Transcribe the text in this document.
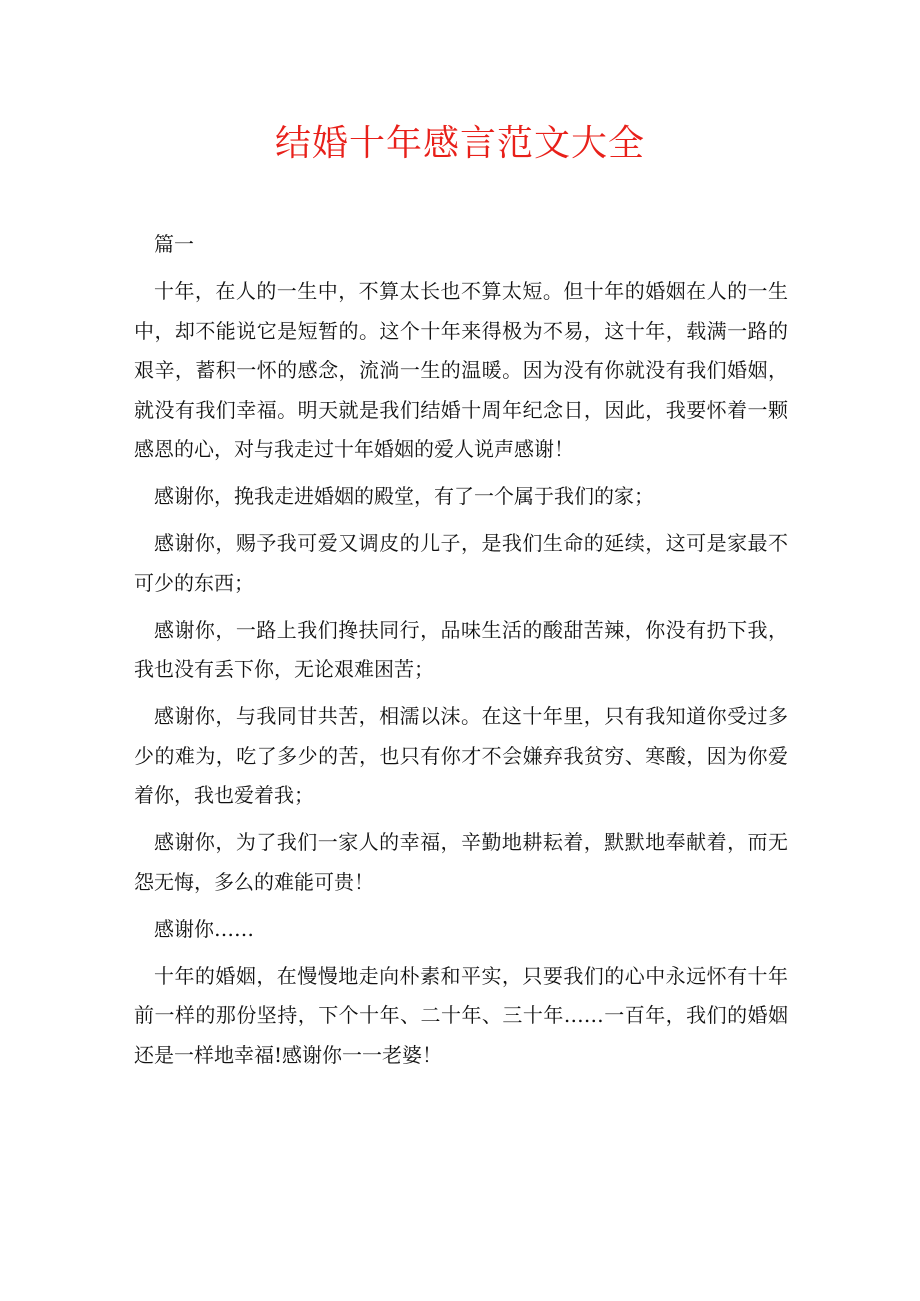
结婚十年感言范文大全

篇一

十年，在人的一生中，不算太长也不算太短。但十年的婚姻在人的一生中，却不能说它是短暂的。这个十年来得极为不易，这十年，载满一路的艰辛，蓄积一怀的感念，流淌一生的温暖。因为没有你就没有我们婚姻，就没有我们幸福。明天就是我们结婚十周年纪念日，因此，我要怀着一颗感恩的心，对与我走过十年婚姻的爱人说声感谢！

感谢你，挽我走进婚姻的殿堂，有了一个属于我们的家；

感谢你，赐予我可爱又调皮的儿子，是我们生命的延续，这可是家最不可少的东西；

感谢你，一路上我们搀扶同行，品味生活的酸甜苦辣，你没有扔下我，我也没有丢下你，无论艰难困苦；

感谢你，与我同甘共苦，相濡以沫。在这十年里，只有我知道你受过多少的难为，吃了多少的苦，也只有你才不会嫌弃我贫穷、寒酸，因为你爱着你，我也爱着我；

感谢你，为了我们一家人的幸福，辛勤地耕耘着，默默地奉献着，而无怨无悔，多么的难能可贵！

感谢你……

十年的婚姻，在慢慢地走向朴素和平实，只要我们的心中永远怀有十年前一样的那份坚持，下个十年、二十年、三十年……一百年，我们的婚姻还是一样地幸福!感谢你一一老婆！
